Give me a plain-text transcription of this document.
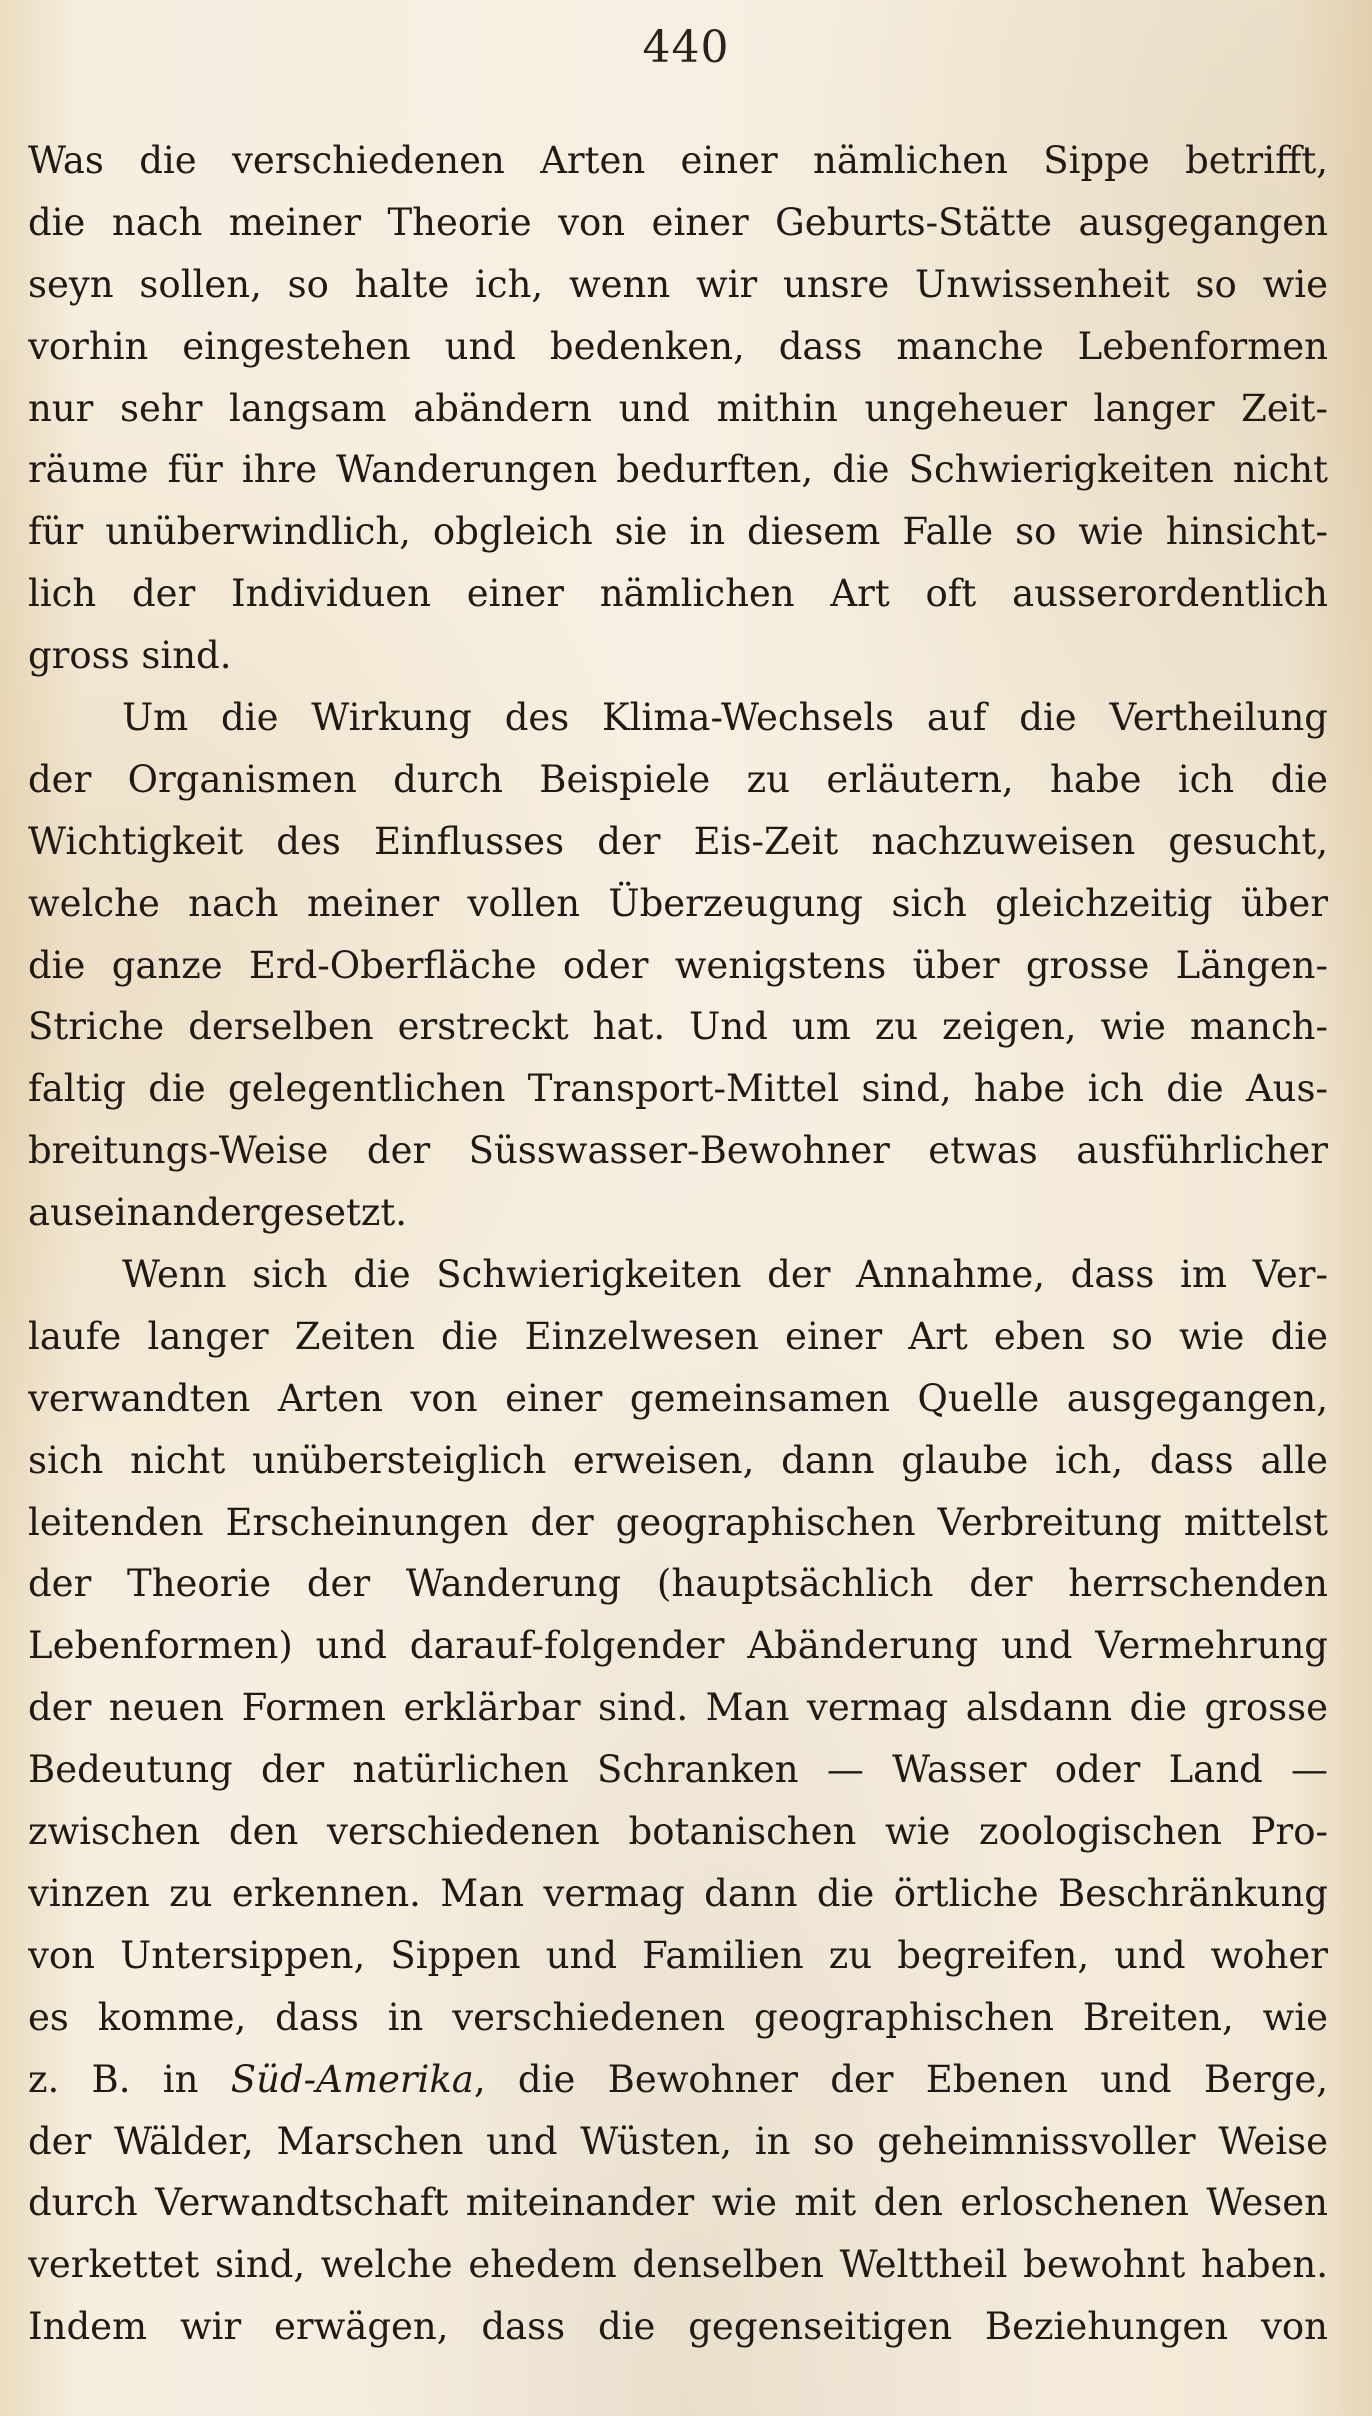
440
Was die verschiedenen Arten einer nämlichen Sippe betrifft,
die nach meiner Theorie von einer Geburts-Stätte ausgegangen
seyn sollen, so halte ich, wenn wir unsre Unwissenheit so wie
vorhin eingestehen und bedenken, dass manche Lebenformen
nur sehr langsam abändern und mithin ungeheuer langer Zeit-
räume für ihre Wanderungen bedurften, die Schwierigkeiten nicht
für unüberwindlich, obgleich sie in diesem Falle so wie hinsicht-
lich der Individuen einer nämlichen Art oft ausserordentlich
gross sind.
Um die Wirkung des Klima-Wechsels auf die Vertheilung
der Organismen durch Beispiele zu erläutern, habe ich die
Wichtigkeit des Einflusses der Eis-Zeit nachzuweisen gesucht,
welche nach meiner vollen Überzeugung sich gleichzeitig über
die ganze Erd-Oberfläche oder wenigstens über grosse Längen-
Striche derselben erstreckt hat. Und um zu zeigen, wie manch-
faltig die gelegentlichen Transport-Mittel sind, habe ich die Aus-
breitungs-Weise der Süsswasser-Bewohner etwas ausführlicher
auseinandergesetzt.
Wenn sich die Schwierigkeiten der Annahme, dass im Ver-
laufe langer Zeiten die Einzelwesen einer Art eben so wie die
verwandten Arten von einer gemeinsamen Quelle ausgegangen,
sich nicht unübersteiglich erweisen, dann glaube ich, dass alle
leitenden Erscheinungen der geographischen Verbreitung mittelst
der Theorie der Wanderung (hauptsächlich der herrschenden
Lebenformen) und darauf-folgender Abänderung und Vermehrung
der neuen Formen erklärbar sind. Man vermag alsdann die grosse
Bedeutung der natürlichen Schranken — Wasser oder Land —
zwischen den verschiedenen botanischen wie zoologischen Pro-
vinzen zu erkennen. Man vermag dann die örtliche Beschränkung
von Untersippen, Sippen und Familien zu begreifen, und woher
es komme, dass in verschiedenen geographischen Breiten, wie
z. B. in Süd-Amerika, die Bewohner der Ebenen und Berge,
der Wälder, Marschen und Wüsten, in so geheimnissvoller Weise
durch Verwandtschaft miteinander wie mit den erloschenen Wesen
verkettet sind, welche ehedem denselben Welttheil bewohnt haben.
Indem wir erwägen, dass die gegenseitigen Beziehungen von
